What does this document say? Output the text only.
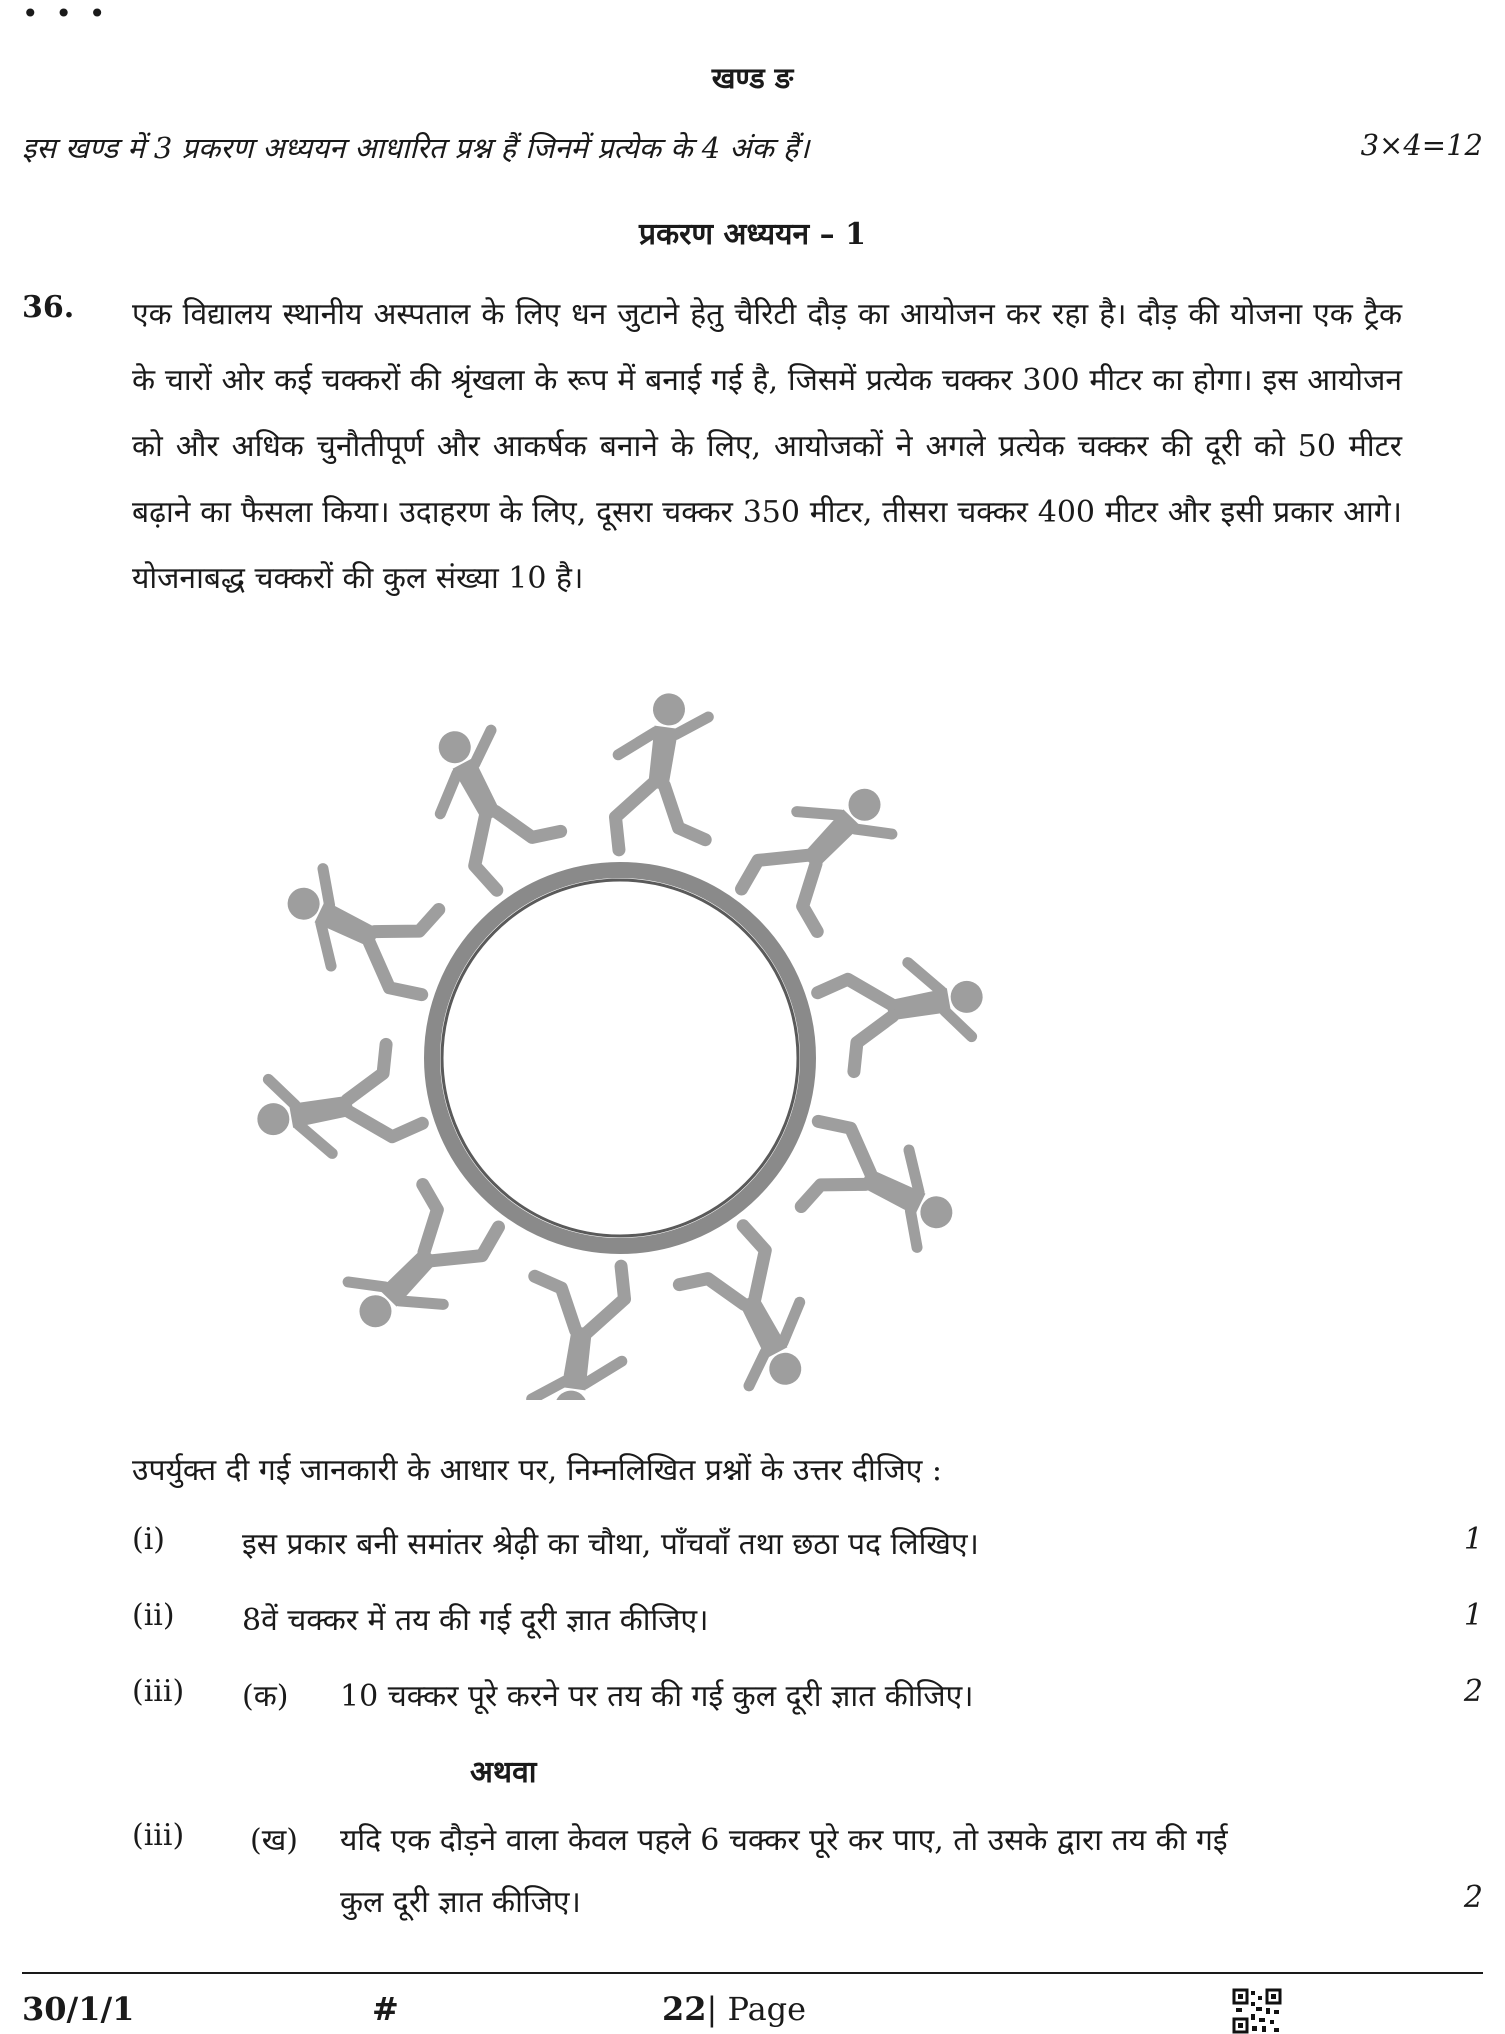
• • •
खण्ड ङ
इस खण्ड में 3 प्रकरण अध्ययन आधारित प्रश्न हैं जिनमें प्रत्येक के 4 अंक हैं।	3×4=12
प्रकरण अध्ययन – 1
36. एक विद्यालय स्थानीय अस्पताल के लिए धन जुटाने हेतु चैरिटी दौड़ का आयोजन कर रहा है। दौड़ की योजना एक ट्रैक के चारों ओर कई चक्करों की श्रृंखला के रूप में बनाई गई है, जिसमें प्रत्येक चक्कर 300 मीटर का होगा। इस आयोजन को और अधिक चुनौतीपूर्ण और आकर्षक बनाने के लिए, आयोजकों ने अगले प्रत्येक चक्कर की दूरी को 50 मीटर बढ़ाने का फैसला किया। उदाहरण के लिए, दूसरा चक्कर 350 मीटर, तीसरा चक्कर 400 मीटर और इसी प्रकार आगे। योजनाबद्ध चक्करों की कुल संख्या 10 है।
उपर्युक्त दी गई जानकारी के आधार पर, निम्नलिखित प्रश्नों के उत्तर दीजिए :
(i)	इस प्रकार बनी समांतर श्रेढ़ी का चौथा, पाँचवाँ तथा छठा पद लिखिए।	1
(ii) 8वें चक्कर में तय की गई दूरी ज्ञात कीजिए।	1
(iii) (क) 10 चक्कर पूरे करने पर तय की गई कुल दूरी ज्ञात कीजिए।	2
अथवा
(iii) (ख) यदि एक दौड़ने वाला केवल पहले 6 चक्कर पूरे कर पाए, तो उसके द्वारा तय की गई
कुल दूरी ज्ञात कीजिए।	2
30/1/1	#	22| Page
